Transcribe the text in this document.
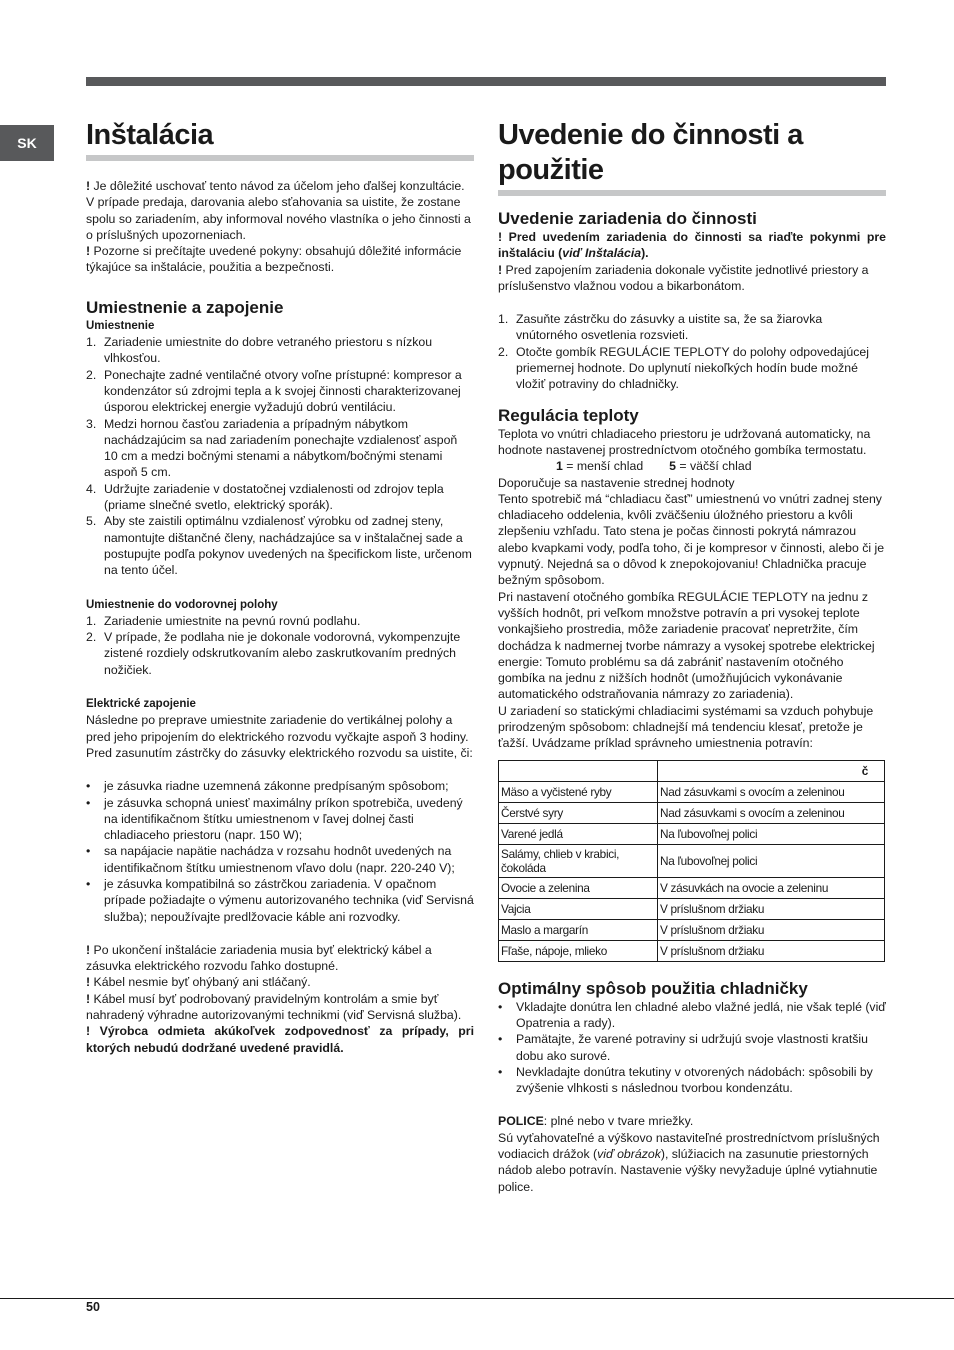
SK	Inštalácia

! Je dôležité uschovať tento návod za účelom jeho ďalšej konzultácie. V prípade predaja, darovania alebo sťahovania sa uistite, že zostane spolu so zariadením, aby informoval nového vlastníka o jeho činnosti a o príslušných upozorneniach.

! Pozorne si prečítajte uvedené pokyny: obsahujú dôležité informácie týkajúce sa inštalácie, použitia a bezpečnosti.

Umiestnenie a zapojenie
Umiestnenie
1. Zariadenie umiestnite do dobre vetraného priestoru s nízkou vlhkosťou.
2. Ponechajte zadné ventilačné otvory voľne prístupné: kompresor a kondenzátor sú zdrojmi tepla a k svojej činnosti charakterizovanej úsporou elektrickej energie vyžadujú dobrú ventiláciu.
3. Medzi hornou časťou zariadenia a prípadným nábytkom nachádzajúcim sa nad zariadením ponechajte vzdialenosť aspoň 10 cm a medzi bočnými stenami a nábytkom/bočnými stenami aspoň 5 cm.
4. Udržujte zariadenie v dostatočnej vzdialenosti od zdrojov tepla (priame slnečné svetlo, elektrický sporák).
5. Aby ste zaistili optimálnu vzdialenosť výrobku od zadnej steny, namontujte dištančné členy, nachádzajúce sa v inštalačnej sade a postupujte podľa pokynov uvedených na špecifickom liste, určenom na tento účel.
Umiestnenie do vodorovnej polohy
1. Zariadenie umiestnite na pevnú rovnú podlahu.
2. V prípade, že podlaha nie je dokonale vodorovná, vykompenzujte zistené rozdiely odskrutkovaním alebo zaskrutkovaním predných nožičiek.
Elektrické zapojenie

Následne po preprave umiestnite zariadenie do vertikálnej polohy a pred jeho pripojením do elektrického rozvodu vyčkajte aspoň 3 hodiny. Pred zasunutím zástrčky do zásuvky elektrického rozvodu sa uistite, či:

• je zásuvka riadne uzemnená zákonne predpísaným spôsobom;
• je zásuvka schopná uniesť maximálny príkon spotrebiča, uvedený na identifikačnom štítku umiestnenom v ľavej dolnej časti chladiaceho priestoru (napr. 150 W);
• sa napájacie napätie nachádza v rozsahu hodnôt uvedených na identifikačnom štítku umiestnenom vľavo dolu (napr. 220-240 V);
• je zásuvka kompatibilná so zástrčkou zariadenia. V opačnom prípade požiadajte o výmenu autorizovaného technika (viď Servisná služba); nepoužívajte predlžovacie káble ani rozvodky.

! Po ukončení inštalácie zariadenia musia byť elektrický kábel a zásuvka elektrického rozvodu ľahko dostupné.

! Kábel nesmie byť ohýbaný ani stláčaný.

! Kábel musí byť podrobovaný pravidelným kontrolám a smie byť nahradený výhradne autorizovanými technikmi (viď Servisná služba).

! Výrobca odmieta akúkoľvek zodpovednosť za prípady, pri ktorých nebudú dodržané uvedené pravidlá.

Uvedenie do činnosti a použitie
Uvedenie zariadenia do činnosti

! Pred uvedením zariadenia do činnosti sa riaďte pokynmi pre inštaláciu (viď Inštalácia).

! Pred zapojením zariadenia dokonale vyčistite jednotlivé priestory a príslušenstvo vlažnou vodou a bikarbonátom.

1. Zasuňte zástrčku do zásuvky a uistite sa, že sa žiarovka vnútorného osvetlenia rozsvieti.
2. Otočte gombík REGULÁCIE TEPLOTY do polohy odpovedajúcej priemernej hodnote. Do uplynutí niekoľkých hodín bude možné vložiť potraviny do chladničky.
Regulácia teploty

Teplota vo vnútri chladiaceho priestoru je udržovaná automaticky, na hodnote nastavenej prostredníctvom otočného gombíka termostatu.

1 = menší chlad 5 = väčší chlad

Doporučuje sa nastavenie strednej hodnoty
Tento spotrebič má “chladiacu časť” umiestnenú vo vnútri zadnej steny chladiaceho oddelenia, kvôli zväčšeniu úložného priestoru a kvôli zlepšeniu vzhľadu. Tato stena je počas činnosti pokrytá námrazou alebo kvapkami vody, podľa toho, či je kompresor v činnosti, alebo či je vypnutý. Nejedná sa o dôvod k znepokojovaniu! Chladnička pracuje bežným spôsobom.
Pri nastavení otočného gombíka REGULÁCIE TEPLOTY na jednu z vyšších hodnôt, pri veľkom množstve potravín a pri vysokej teplote vonkajšieho prostredia, môže zariadenie pracovať nepretržite, čím dochádza k nadmernej tvorbe námrazy a vysokej spotrebe elektrickej energie: Tomuto problému sa dá zabrániť nastavením otočného gombíka na jednu z nižších hodnôt (umožňujúcich vykonávanie automatického odstraňovania námrazy zo zariadenia).
U zariadení so statickými chladiacimi systémami sa vzduch pohybuje prirodzeným spôsobom: chladnejší má tendenciu klesať, pretože je ťažší. Uvádzame príklad správneho umiestnenia potravín:

	č
Mäso a vyčistené ryby	Nad zásuvkami s ovocím a zeleninou
Čerstvé syry	Nad zásuvkami s ovocím a zeleninou
Varené jedlá	Na ľubovoľnej polici
Salámy, chlieb v krabici, čokoláda	Na ľubovoľnej polici
Ovocie a zelenina	V zásuvkách na ovocie a zeleninu
Vajcia	V príslušnom držiaku
Maslo a margarín	V príslušnom držiaku
Fľaše, nápoje, mlieko	V príslušnom držiaku
Optimálny spôsob použitia chladničky
• Vkladajte donútra len chladné alebo vlažné jedlá, nie však teplé (viď Opatrenia a rady).
• Pamätajte, že varené potraviny si udržujú svoje vlastnosti kratšiu dobu ako surové.
• Nevkladajte donútra tekutiny v otvorených nádobách: spôsobili by zvýšenie vlhkosti s následnou tvorbou kondenzátu.

POLICE: plné nebo v tvare mriežky.

Sú vyťahovateľné a výškovo nastaviteľné prostredníctvom príslušných vodiacich drážok (viď obrázok), slúžiacich na zasunutie priestorných nádob alebo potravín. Nastavenie výšky nevyžaduje úplné vytiahnutie police.

50
